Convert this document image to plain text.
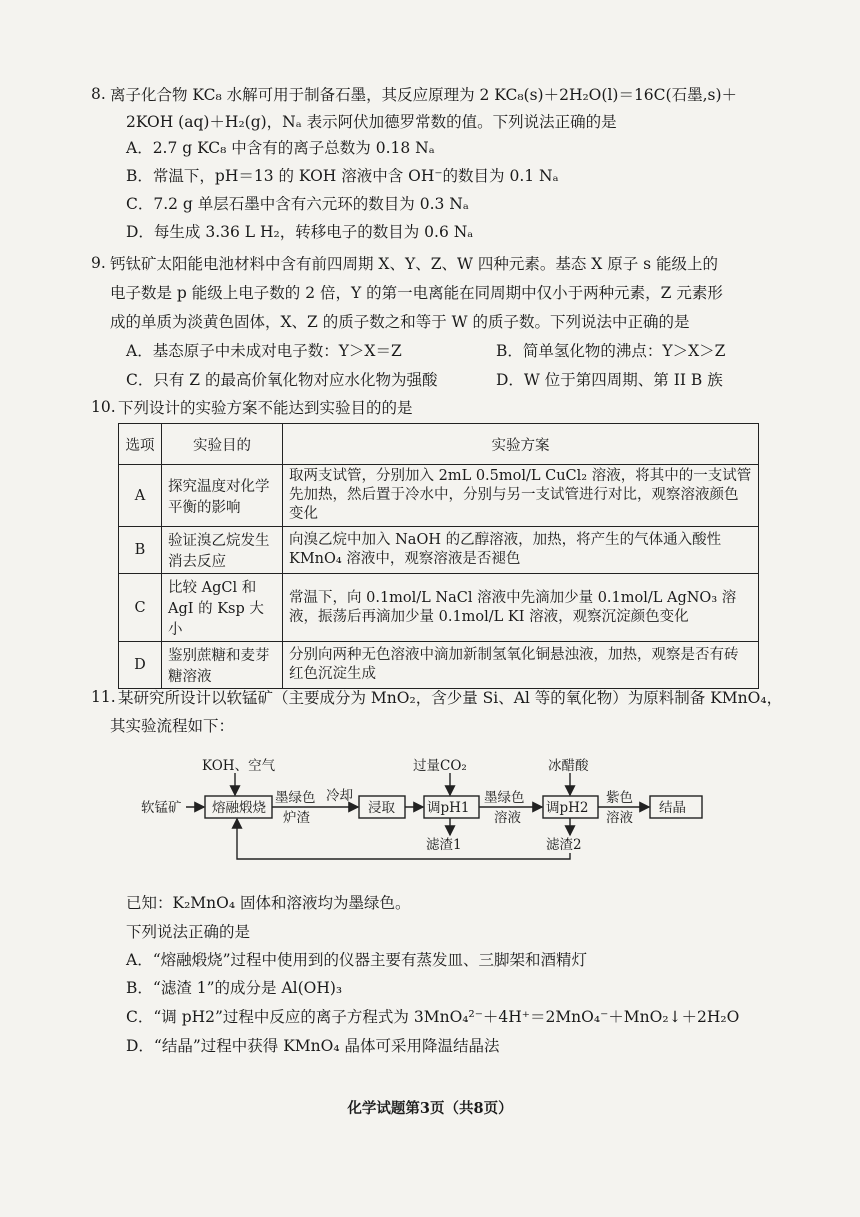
8. 离子化合物 KC₈ 水解可用于制备石墨，其反应原理为 2 KC₈(s)＋2H₂O(l)＝16C(石墨,s)＋
2KOH (aq)＋H₂(g)，Nₐ 表示阿伏加德罗常数的值。下列说法正确的是
A．2.7 g KC₈ 中含有的离子总数为 0.18 Nₐ
B．常温下，pH＝13 的 KOH 溶液中含 OH⁻的数目为 0.1 Nₐ
C．7.2 g 单层石墨中含有六元环的数目为 0.3 Nₐ
D．每生成 3.36 L H₂，转移电子的数目为 0.6 Nₐ
9. 钙钛矿太阳能电池材料中含有前四周期 X、Y、Z、W 四种元素。基态 X 原子 s 能级上的
电子数是 p 能级上电子数的 2 倍，Y 的第一电离能在同周期中仅小于两种元素，Z 元素形
成的单质为淡黄色固体，X、Z 的质子数之和等于 W 的质子数。下列说法中正确的是
A．基态原子中未成对电子数：Y＞X＝Z	B．简单氢化物的沸点：Y＞X＞Z
C．只有 Z 的最高价氧化物对应水化物为强酸	D．W 位于第四周期、第 II B 族
10. 下列设计的实验方案不能达到实验目的的是
选项	实验目的	实验方案
A	探究温度对化学平衡的影响	取两支试管，分别加入 2mL 0.5mol/L CuCl₂ 溶液，将其中的一支试管先加热，然后置于冷水中，分别与另一支试管进行对比，观察溶液颜色变化
B	验证溴乙烷发生消去反应	向溴乙烷中加入 NaOH 的乙醇溶液，加热，将产生的气体通入酸性 KMnO₄ 溶液中，观察溶液是否褪色
C	比较 AgCl 和 AgI 的 Ksp 大小	常温下，向 0.1mol/L NaCl 溶液中先滴加少量 0.1mol/L AgNO₃ 溶液，振荡后再滴加少量 0.1mol/L KI 溶液，观察沉淀颜色变化
D	鉴别蔗糖和麦芽糖溶液	分别向两种无色溶液中滴加新制氢氧化铜悬浊液，加热，观察是否有砖红色沉淀生成
11. 某研究所设计以软锰矿（主要成分为 MnO₂，含少量 Si、Al 等的氧化物）为原料制备 KMnO₄，
其实验流程如下：
软锰矿
KOH、空气
熔融煅烧
墨绿色
炉渣
冷却
浸取
过量CO₂
调pH1
滤渣1
墨绿色
溶液
冰醋酸
调pH2
滤渣2
紫色
溶液
结晶
已知：K₂MnO₄ 固体和溶液均为墨绿色。
下列说法正确的是
A．“熔融煅烧”过程中使用到的仪器主要有蒸发皿、三脚架和酒精灯
B．“滤渣 1”的成分是 Al(OH)₃
C．“调 pH2”过程中反应的离子方程式为 3MnO₄²⁻＋4H⁺＝2MnO₄⁻＋MnO₂↓＋2H₂O
D．“结晶”过程中获得 KMnO₄ 晶体可采用降温结晶法
化学试题第3页（共8页）
